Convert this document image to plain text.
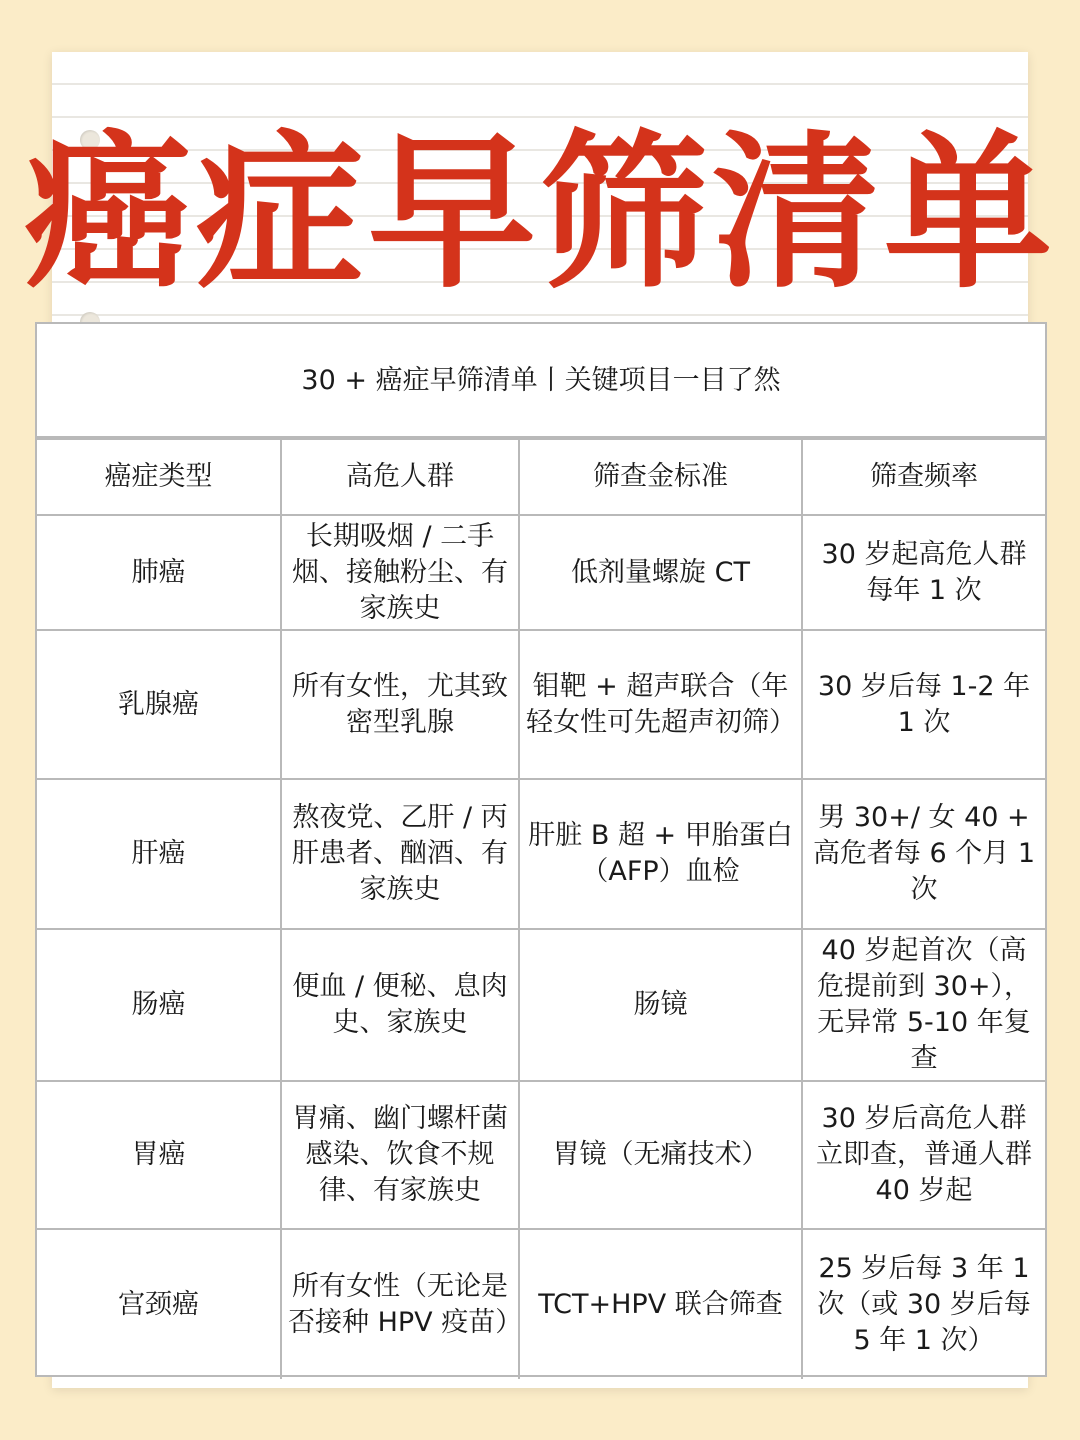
癌症早筛清单
30 + 癌症早筛清单丨关键项目一目了然
癌症类型	高危人群	筛查金标准	筛查频率
肺癌	长期吸烟 / 二手烟、接触粉尘、有家族史	低剂量螺旋 CT	30 岁起高危人群每年 1 次
乳腺癌	所有女性，尤其致密型乳腺	钼靶 + 超声联合（年轻女性可先超声初筛）	30 岁后每 1-2 年 1 次
肝癌	熬夜党、乙肝 / 丙肝患者、酗酒、有家族史	肝脏 B 超 + 甲胎蛋白（AFP）血检	男 30+/ 女 40 + 高危者每 6 个月 1 次
肠癌	便血 / 便秘、息肉史、家族史	肠镜	40 岁起首次（高危提前到 30+），无异常 5-10 年复查
胃癌	胃痛、幽门螺杆菌感染、饮食不规律、有家族史	胃镜（无痛技术）	30 岁后高危人群立即查，普通人群 40 岁起
宫颈癌	所有女性（无论是否接种 HPV 疫苗）	TCT+HPV 联合筛查	25 岁后每 3 年 1 次（或 30 岁后每 5 年 1 次）
